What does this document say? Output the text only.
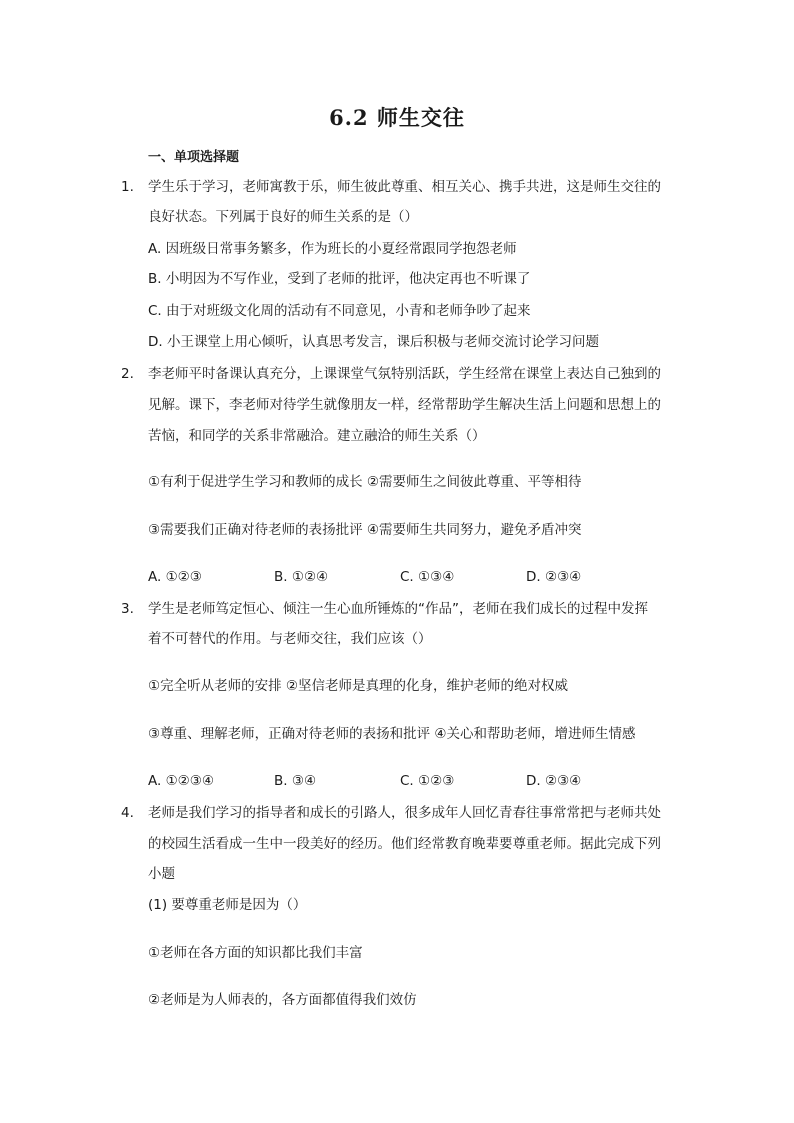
6.2 师生交往
一、单项选择题
1. 学生乐于学习，老师寓教于乐，师生彼此尊重、相互关心、携手共进，这是师生交往的
良好状态。下列属于良好的师生关系的是（）
A. 因班级日常事务繁多，作为班长的小夏经常跟同学抱怨老师
B. 小明因为不写作业，受到了老师的批评，他决定再也不听课了
C. 由于对班级文化周的活动有不同意见，小青和老师争吵了起来
D. 小王课堂上用心倾听，认真思考发言，课后积极与老师交流讨论学习问题
2. 李老师平时备课认真充分，上课课堂气氛特别活跃，学生经常在课堂上表达自己独到的
见解。课下，李老师对待学生就像朋友一样，经常帮助学生解决生活上问题和思想上的
苦恼，和同学的关系非常融洽。建立融洽的师生关系（）
①有利于促进学生学习和教师的成长 ②需要师生之间彼此尊重、平等相待
③需要我们正确对待老师的表扬批评 ④需要师生共同努力，避免矛盾冲突
A. ①②③	B. ①②④	C. ①③④	D. ②③④
3. 学生是老师笃定恒心、倾注一生心血所锤炼的“作品”，老师在我们成长的过程中发挥
着不可替代的作用。与老师交往，我们应该（）
①完全听从老师的安排 ②坚信老师是真理的化身，维护老师的绝对权威
③尊重、理解老师，正确对待老师的表扬和批评 ④关心和帮助老师，增进师生情感
A. ①②③④	B. ③④	C. ①②③	D. ②③④
4. 老师是我们学习的指导者和成长的引路人，很多成年人回忆青春往事常常把与老师共处
的校园生活看成一生中一段美好的经历。他们经常教育晚辈要尊重老师。据此完成下列
小题
(1) 要尊重老师是因为（）
①老师在各方面的知识都比我们丰富
②老师是为人师表的，各方面都值得我们效仿
